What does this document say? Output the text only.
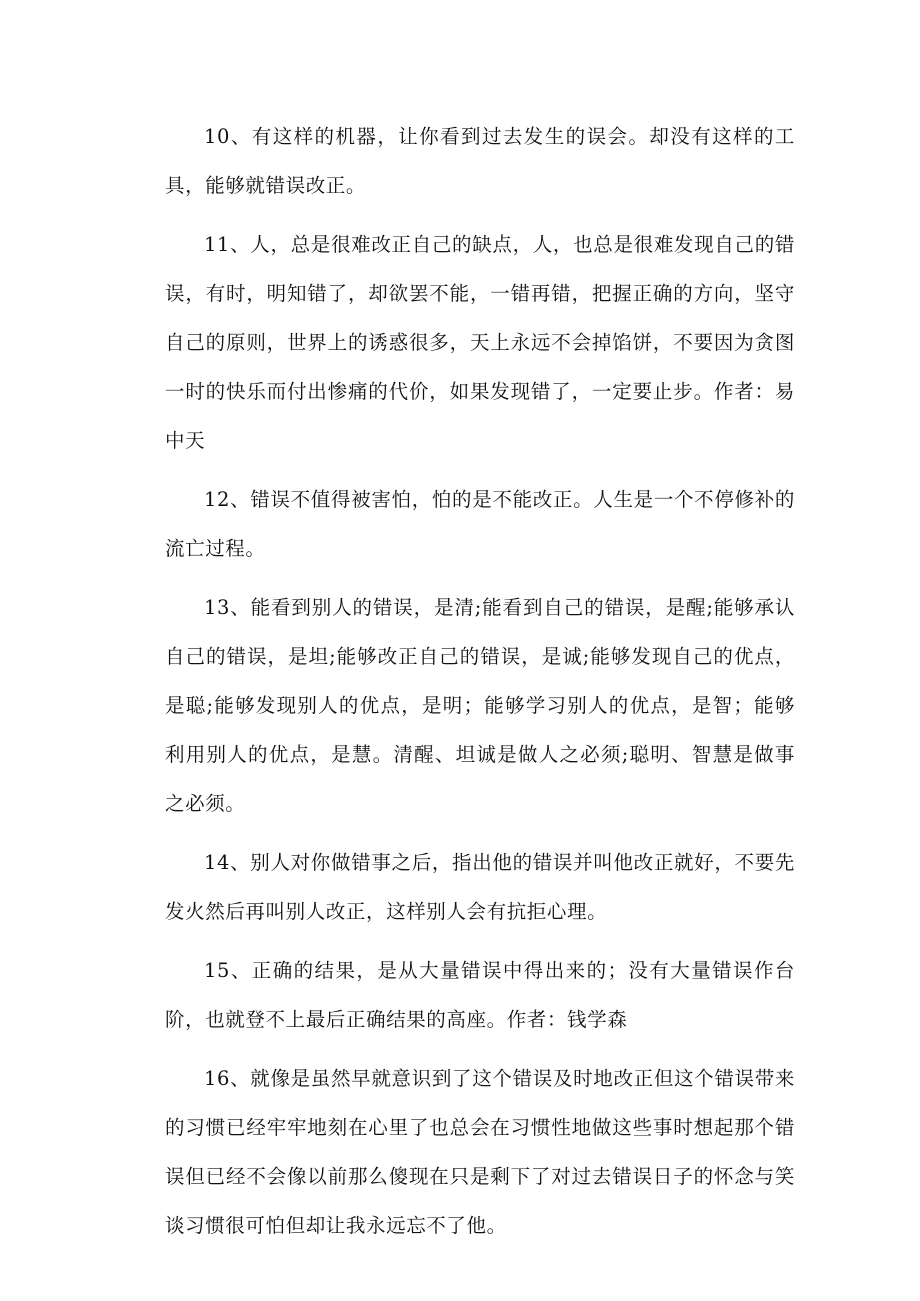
10、有这样的机器，让你看到过去发生的误会。却没有这样的工具，能够就错误改正。

11、人，总是很难改正自己的缺点，人，也总是很难发现自己的错误，有时，明知错了，却欲罢不能，一错再错，把握正确的方向，坚守自己的原则，世界上的诱惑很多，天上永远不会掉馅饼，不要因为贪图一时的快乐而付出惨痛的代价，如果发现错了，一定要止步。作者：易中天

12、错误不值得被害怕，怕的是不能改正。人生是一个不停修补的流亡过程。

13、能看到别人的错误，是清;能看到自己的错误，是醒;能够承认自己的错误，是坦;能够改正自己的错误，是诚;能够发现自己的优点，是聪;能够发现别人的优点，是明；能够学习别人的优点，是智；能够利用别人的优点，是慧。清醒、坦诚是做人之必须;聪明、智慧是做事之必须。

14、别人对你做错事之后，指出他的错误并叫他改正就好，不要先发火然后再叫别人改正，这样别人会有抗拒心理。

15、正确的结果，是从大量错误中得出来的；没有大量错误作台阶，也就登不上最后正确结果的高座。作者：钱学森

16、就像是虽然早就意识到了这个错误及时地改正但这个错误带来的习惯已经牢牢地刻在心里了也总会在习惯性地做这些事时想起那个错误但已经不会像以前那么傻现在只是剩下了对过去错误日子的怀念与笑谈习惯很可怕但却让我永远忘不了他。
